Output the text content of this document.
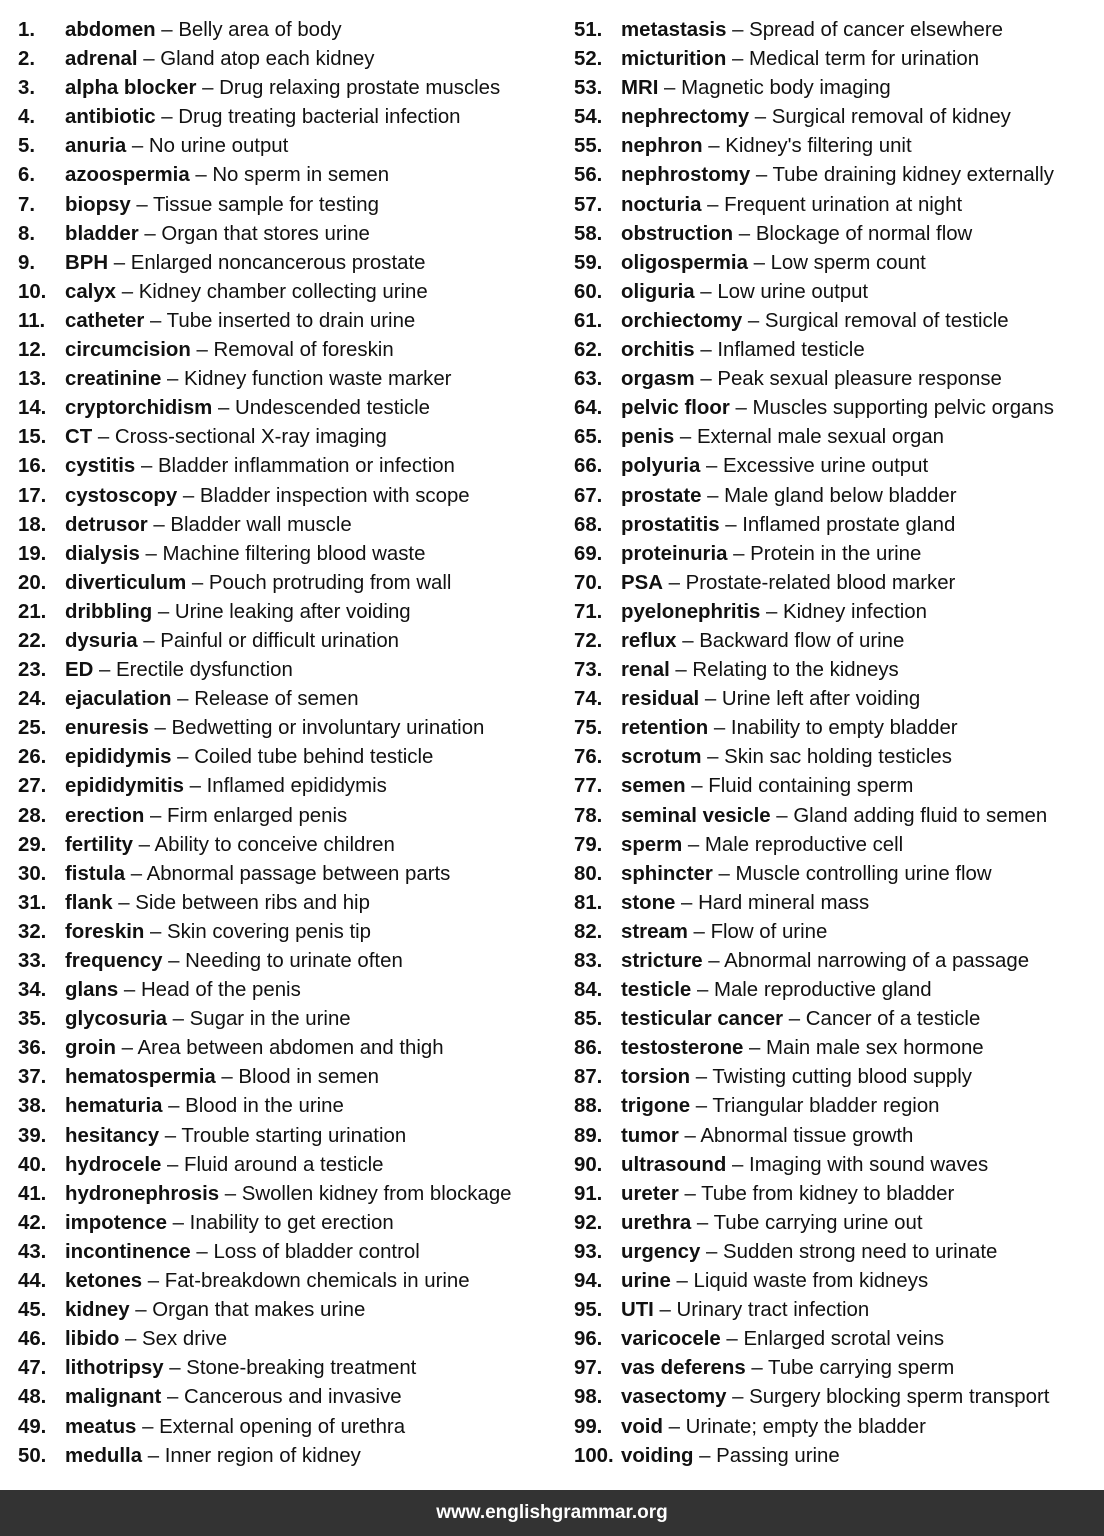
1.	abdomen – Belly area of body
2.	adrenal – Gland atop each kidney
3.	alpha blocker – Drug relaxing prostate muscles
4.	antibiotic – Drug treating bacterial infection
5.	anuria – No urine output
6.	azoospermia – No sperm in semen
7.	biopsy – Tissue sample for testing
8.	bladder – Organ that stores urine
9.	BPH – Enlarged noncancerous prostate
10. calyx – Kidney chamber collecting urine
11. catheter – Tube inserted to drain urine
12. circumcision – Removal of foreskin
13. creatinine – Kidney function waste marker
14. cryptorchidism – Undescended testicle
15. CT – Cross-sectional X-ray imaging
16. cystitis – Bladder inflammation or infection
17. cystoscopy – Bladder inspection with scope
18. detrusor – Bladder wall muscle
19. dialysis – Machine filtering blood waste
20. diverticulum – Pouch protruding from wall
21. dribbling – Urine leaking after voiding
22. dysuria – Painful or difficult urination
23. ED – Erectile dysfunction
24. ejaculation – Release of semen
25. enuresis – Bedwetting or involuntary urination
26. epididymis – Coiled tube behind testicle
27. epididymitis – Inflamed epididymis
28. erection – Firm enlarged penis
29. fertility – Ability to conceive children
30. fistula – Abnormal passage between parts
31. flank – Side between ribs and hip
32. foreskin – Skin covering penis tip
33. frequency – Needing to urinate often
34. glans – Head of the penis
35. glycosuria – Sugar in the urine
36. groin – Area between abdomen and thigh
37. hematospermia – Blood in semen
38. hematuria – Blood in the urine
39. hesitancy – Trouble starting urination
40. hydrocele – Fluid around a testicle
41. hydronephrosis – Swollen kidney from blockage
42. impotence – Inability to get erection
43. incontinence – Loss of bladder control
44. ketones – Fat-breakdown chemicals in urine
45. kidney – Organ that makes urine
46. libido – Sex drive
47. lithotripsy – Stone-breaking treatment
48. malignant – Cancerous and invasive
49. meatus – External opening of urethra
50. medulla – Inner region of kidney
51. metastasis – Spread of cancer elsewhere
52. micturition – Medical term for urination
53. MRI – Magnetic body imaging
54. nephrectomy – Surgical removal of kidney
55. nephron – Kidney's filtering unit
56. nephrostomy – Tube draining kidney externally
57. nocturia – Frequent urination at night
58. obstruction – Blockage of normal flow
59. oligospermia – Low sperm count
60. oliguria – Low urine output
61. orchiectomy – Surgical removal of testicle
62. orchitis – Inflamed testicle
63. orgasm – Peak sexual pleasure response
64. pelvic floor – Muscles supporting pelvic organs
65. penis – External male sexual organ
66. polyuria – Excessive urine output
67. prostate – Male gland below bladder
68. prostatitis – Inflamed prostate gland
69. proteinuria – Protein in the urine
70. PSA – Prostate-related blood marker
71. pyelonephritis – Kidney infection
72. reflux – Backward flow of urine
73. renal – Relating to the kidneys
74. residual – Urine left after voiding
75. retention – Inability to empty bladder
76. scrotum – Skin sac holding testicles
77. semen – Fluid containing sperm
78. seminal vesicle – Gland adding fluid to semen
79. sperm – Male reproductive cell
80. sphincter – Muscle controlling urine flow
81. stone – Hard mineral mass
82. stream – Flow of urine
83. stricture – Abnormal narrowing of a passage
84. testicle – Male reproductive gland
85. testicular cancer – Cancer of a testicle
86. testosterone – Main male sex hormone
87. torsion – Twisting cutting blood supply
88. trigone – Triangular bladder region
89. tumor – Abnormal tissue growth
90. ultrasound – Imaging with sound waves
91. ureter – Tube from kidney to bladder
92. urethra – Tube carrying urine out
93. urgency – Sudden strong need to urinate
94. urine – Liquid waste from kidneys
95. UTI – Urinary tract infection
96. varicocele – Enlarged scrotal veins
97. vas deferens – Tube carrying sperm
98. vasectomy – Surgery blocking sperm transport
99. void – Urinate; empty the bladder
100. voiding – Passing urine
www.englishgrammar.org
